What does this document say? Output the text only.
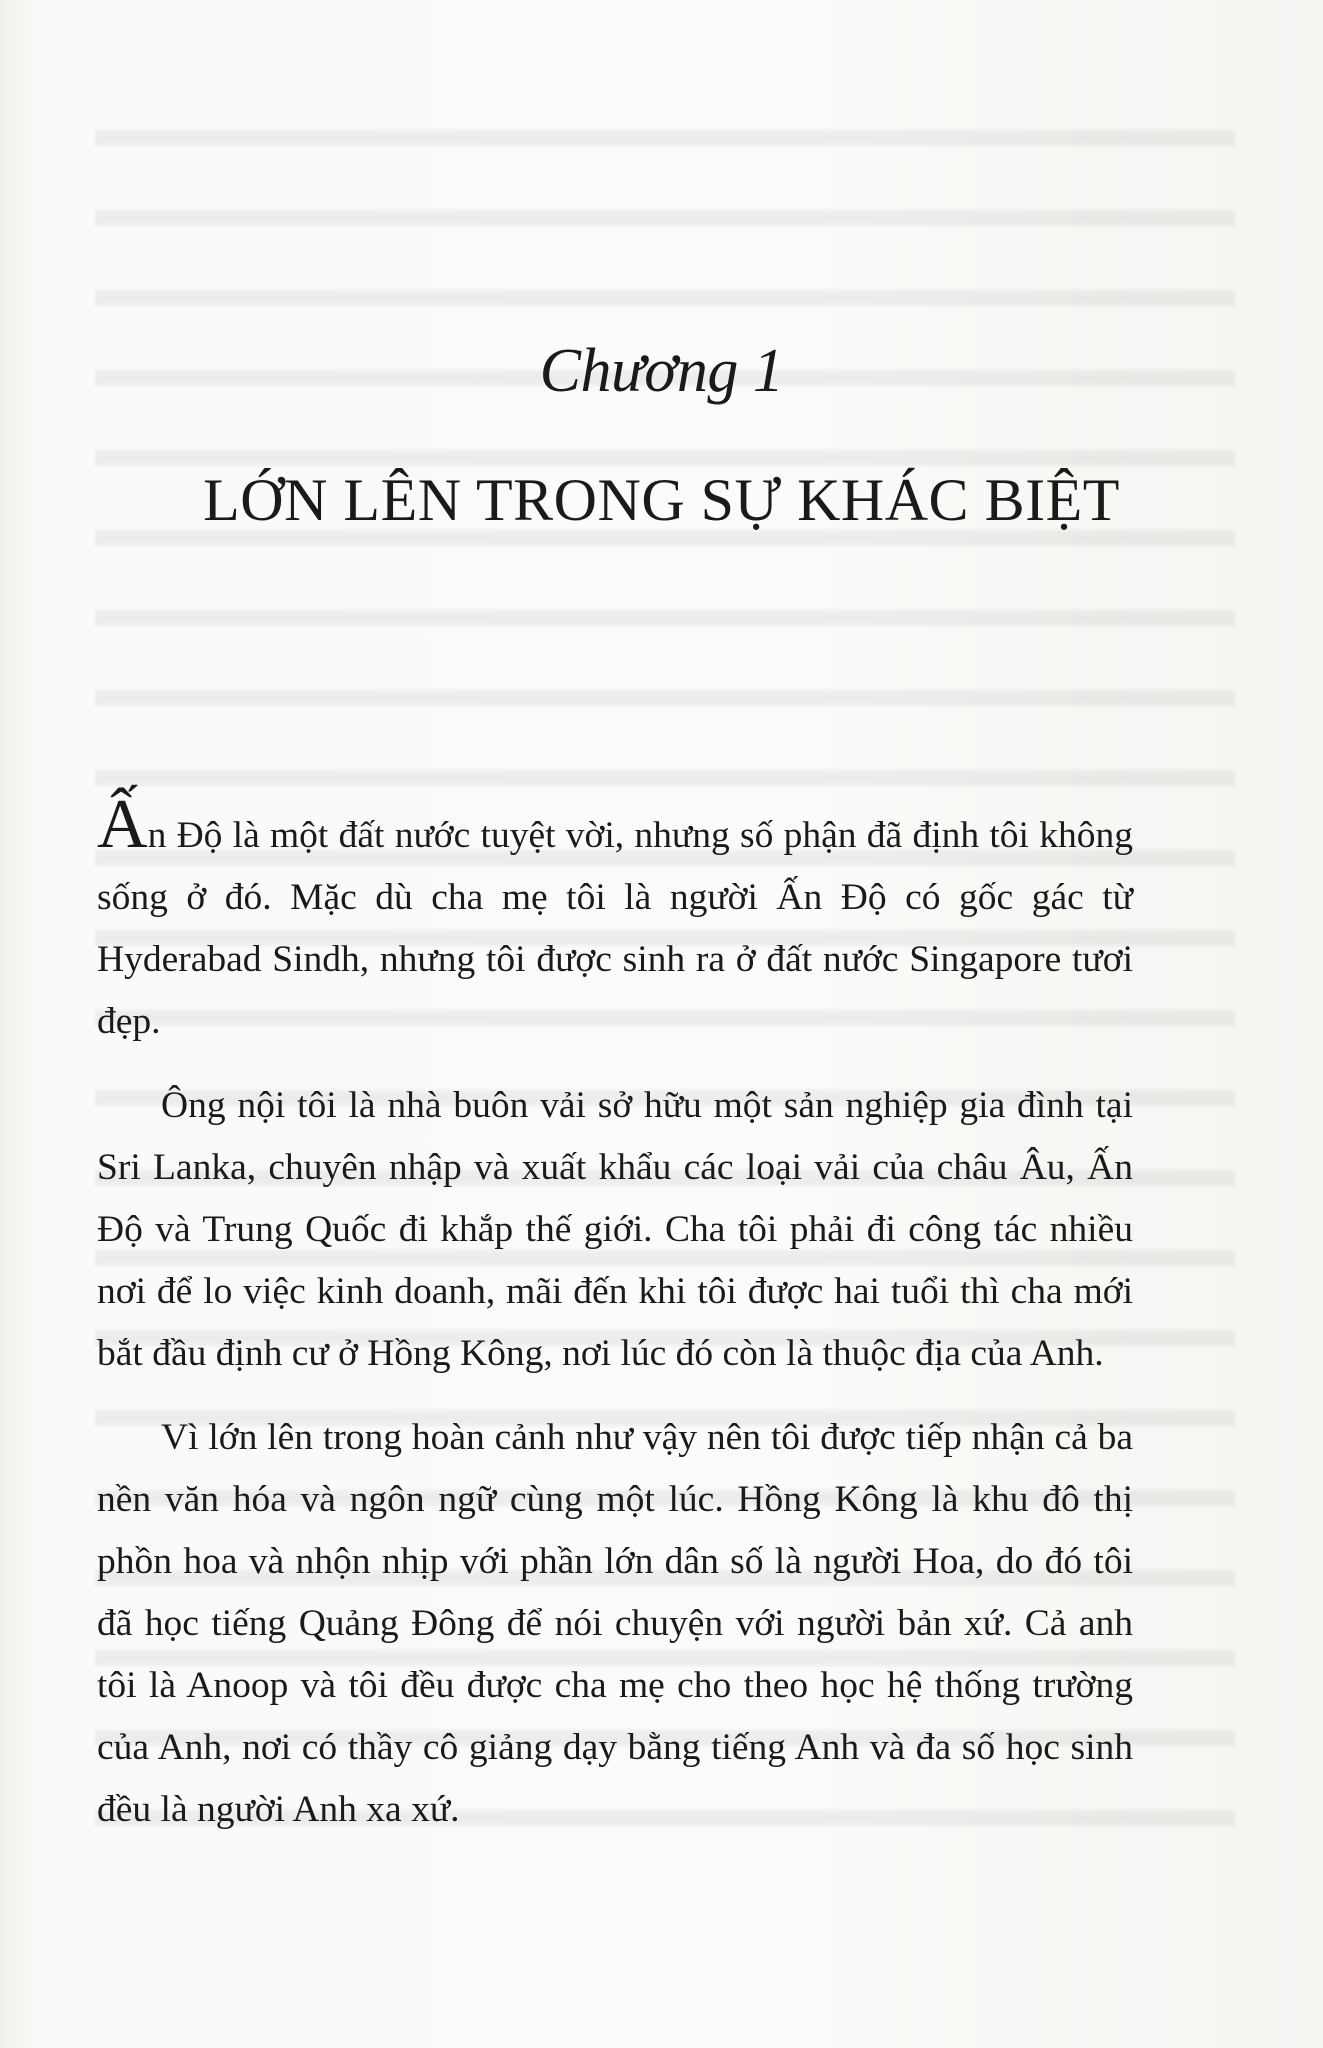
Chương 1
LỚN LÊN TRONG SỰ KHÁC BIỆT

Ấn Độ là một đất nước tuyệt vời, nhưng số phận đã định tôi không sống ở đó. Mặc dù cha mẹ tôi là người Ấn Độ có gốc gác từ Hyderabad Sindh, nhưng tôi được sinh ra ở đất nước Singapore tươi đẹp.

Ông nội tôi là nhà buôn vải sở hữu một sản nghiệp gia đình tại Sri Lanka, chuyên nhập và xuất khẩu các loại vải của châu Âu, Ấn Độ và Trung Quốc đi khắp thế giới. Cha tôi phải đi công tác nhiều nơi để lo việc kinh doanh, mãi đến khi tôi được hai tuổi thì cha mới bắt đầu định cư ở Hồng Kông, nơi lúc đó còn là thuộc địa của Anh.

Vì lớn lên trong hoàn cảnh như vậy nên tôi được tiếp nhận cả ba nền văn hóa và ngôn ngữ cùng một lúc. Hồng Kông là khu đô thị phồn hoa và nhộn nhịp với phần lớn dân số là người Hoa, do đó tôi đã học tiếng Quảng Đông để nói chuyện với người bản xứ. Cả anh tôi là Anoop và tôi đều được cha mẹ cho theo học hệ thống trường của Anh, nơi có thầy cô giảng dạy bằng tiếng Anh và đa số học sinh đều là người Anh xa xứ.
